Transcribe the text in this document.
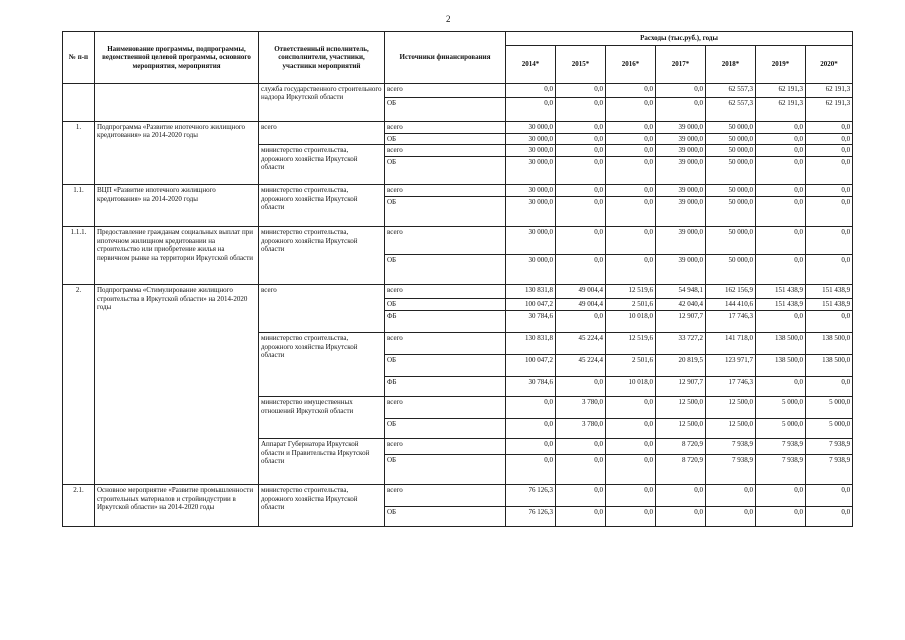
2
№ п-п	Наименование программы, подпрограммы, ведомственной целевой программы, основного мероприятия, мероприятия	Ответственный исполнитель, соисполнители, участники, участники мероприятий	Источники финансирования	Расходы (тыс.руб.), годы						
				2014*	2015*	2016*	2017*	2018*	2019*	2020*
		служба государственного строительного надзора Иркутской области	всего	0,0	0,0	0,0	0,0	62 557,3	62 191,3	62 191,3
			ОБ	0,0	0,0	0,0	0,0	62 557,3	62 191,3	62 191,3
1.	Подпрограмма «Развитие ипотечного жилищного кредитования» на 2014-2020 годы	всего	всего	30 000,0	0,0	0,0	39 000,0	50 000,0	0,0	0,0
			ОБ	30 000,0	0,0	0,0	39 000,0	50 000,0	0,0	0,0
		министерство строительства, дорожного хозяйства Иркутской области	всего	30 000,0	0,0	0,0	39 000,0	50 000,0	0,0	0,0
			ОБ	30 000,0	0,0	0,0	39 000,0	50 000,0	0,0	0,0
1.1.	ВЦП «Развитие ипотечного жилищного кредитования» на 2014-2020 годы	министерство строительства, дорожного хозяйства Иркутской области	всего	30 000,0	0,0	0,0	39 000,0	50 000,0	0,0	0,0
			ОБ	30 000,0	0,0	0,0	39 000,0	50 000,0	0,0	0,0
1.1.1.	Предоставление гражданам социальных выплат при ипотечном жилищном кредитовании на строительство или приобретение жилья на первичном рынке на территории Иркутской области	министерство строительства, дорожного хозяйства Иркутской области	всего	30 000,0	0,0	0,0	39 000,0	50 000,0	0,0	0,0
			ОБ	30 000,0	0,0	0,0	39 000,0	50 000,0	0,0	0,0
2.	Подпрограмма «Стимулирование жилищного строительства в Иркутской области» на 2014-2020 годы	всего	всего	130 831,8	49 004,4	12 519,6	54 948,1	162 156,9	151 438,9	151 438,9
			ОБ	100 047,2	49 004,4	2 501,6	42 040,4	144 410,6	151 438,9	151 438,9
			ФБ	30 784,6	0,0	10 018,0	12 907,7	17 746,3	0,0	0,0
		министерство строительства, дорожного хозяйства Иркутской области	всего	130 831,8	45 224,4	12 519,6	33 727,2	141 718,0	138 500,0	138 500,0
			ОБ	100 047,2	45 224,4	2 501,6	20 819,5	123 971,7	138 500,0	138 500,0
			ФБ	30 784,6	0,0	10 018,0	12 907,7	17 746,3	0,0	0,0
		министерство имущественных отношений Иркутской области	всего	0,0	3 780,0	0,0	12 500,0	12 500,0	5 000,0	5 000,0
			ОБ	0,0	3 780,0	0,0	12 500,0	12 500,0	5 000,0	5 000,0
		Аппарат Губернатора Иркутской области и Правительства Иркутской области	всего	0,0	0,0	0,0	8 720,9	7 938,9	7 938,9	7 938,9
			ОБ	0,0	0,0	0,0	8 720,9	7 938,9	7 938,9	7 938,9
2.1.	Основное мероприятие «Развитие промышленности строительных материалов и стройиндустрии в Иркутской области» на 2014-2020 годы	министерство строительства, дорожного хозяйства Иркутской области	всего	76 126,3	0,0	0,0	0,0	0,0	0,0	0,0
			ОБ	76 126,3	0,0	0,0	0,0	0,0	0,0	0,0
